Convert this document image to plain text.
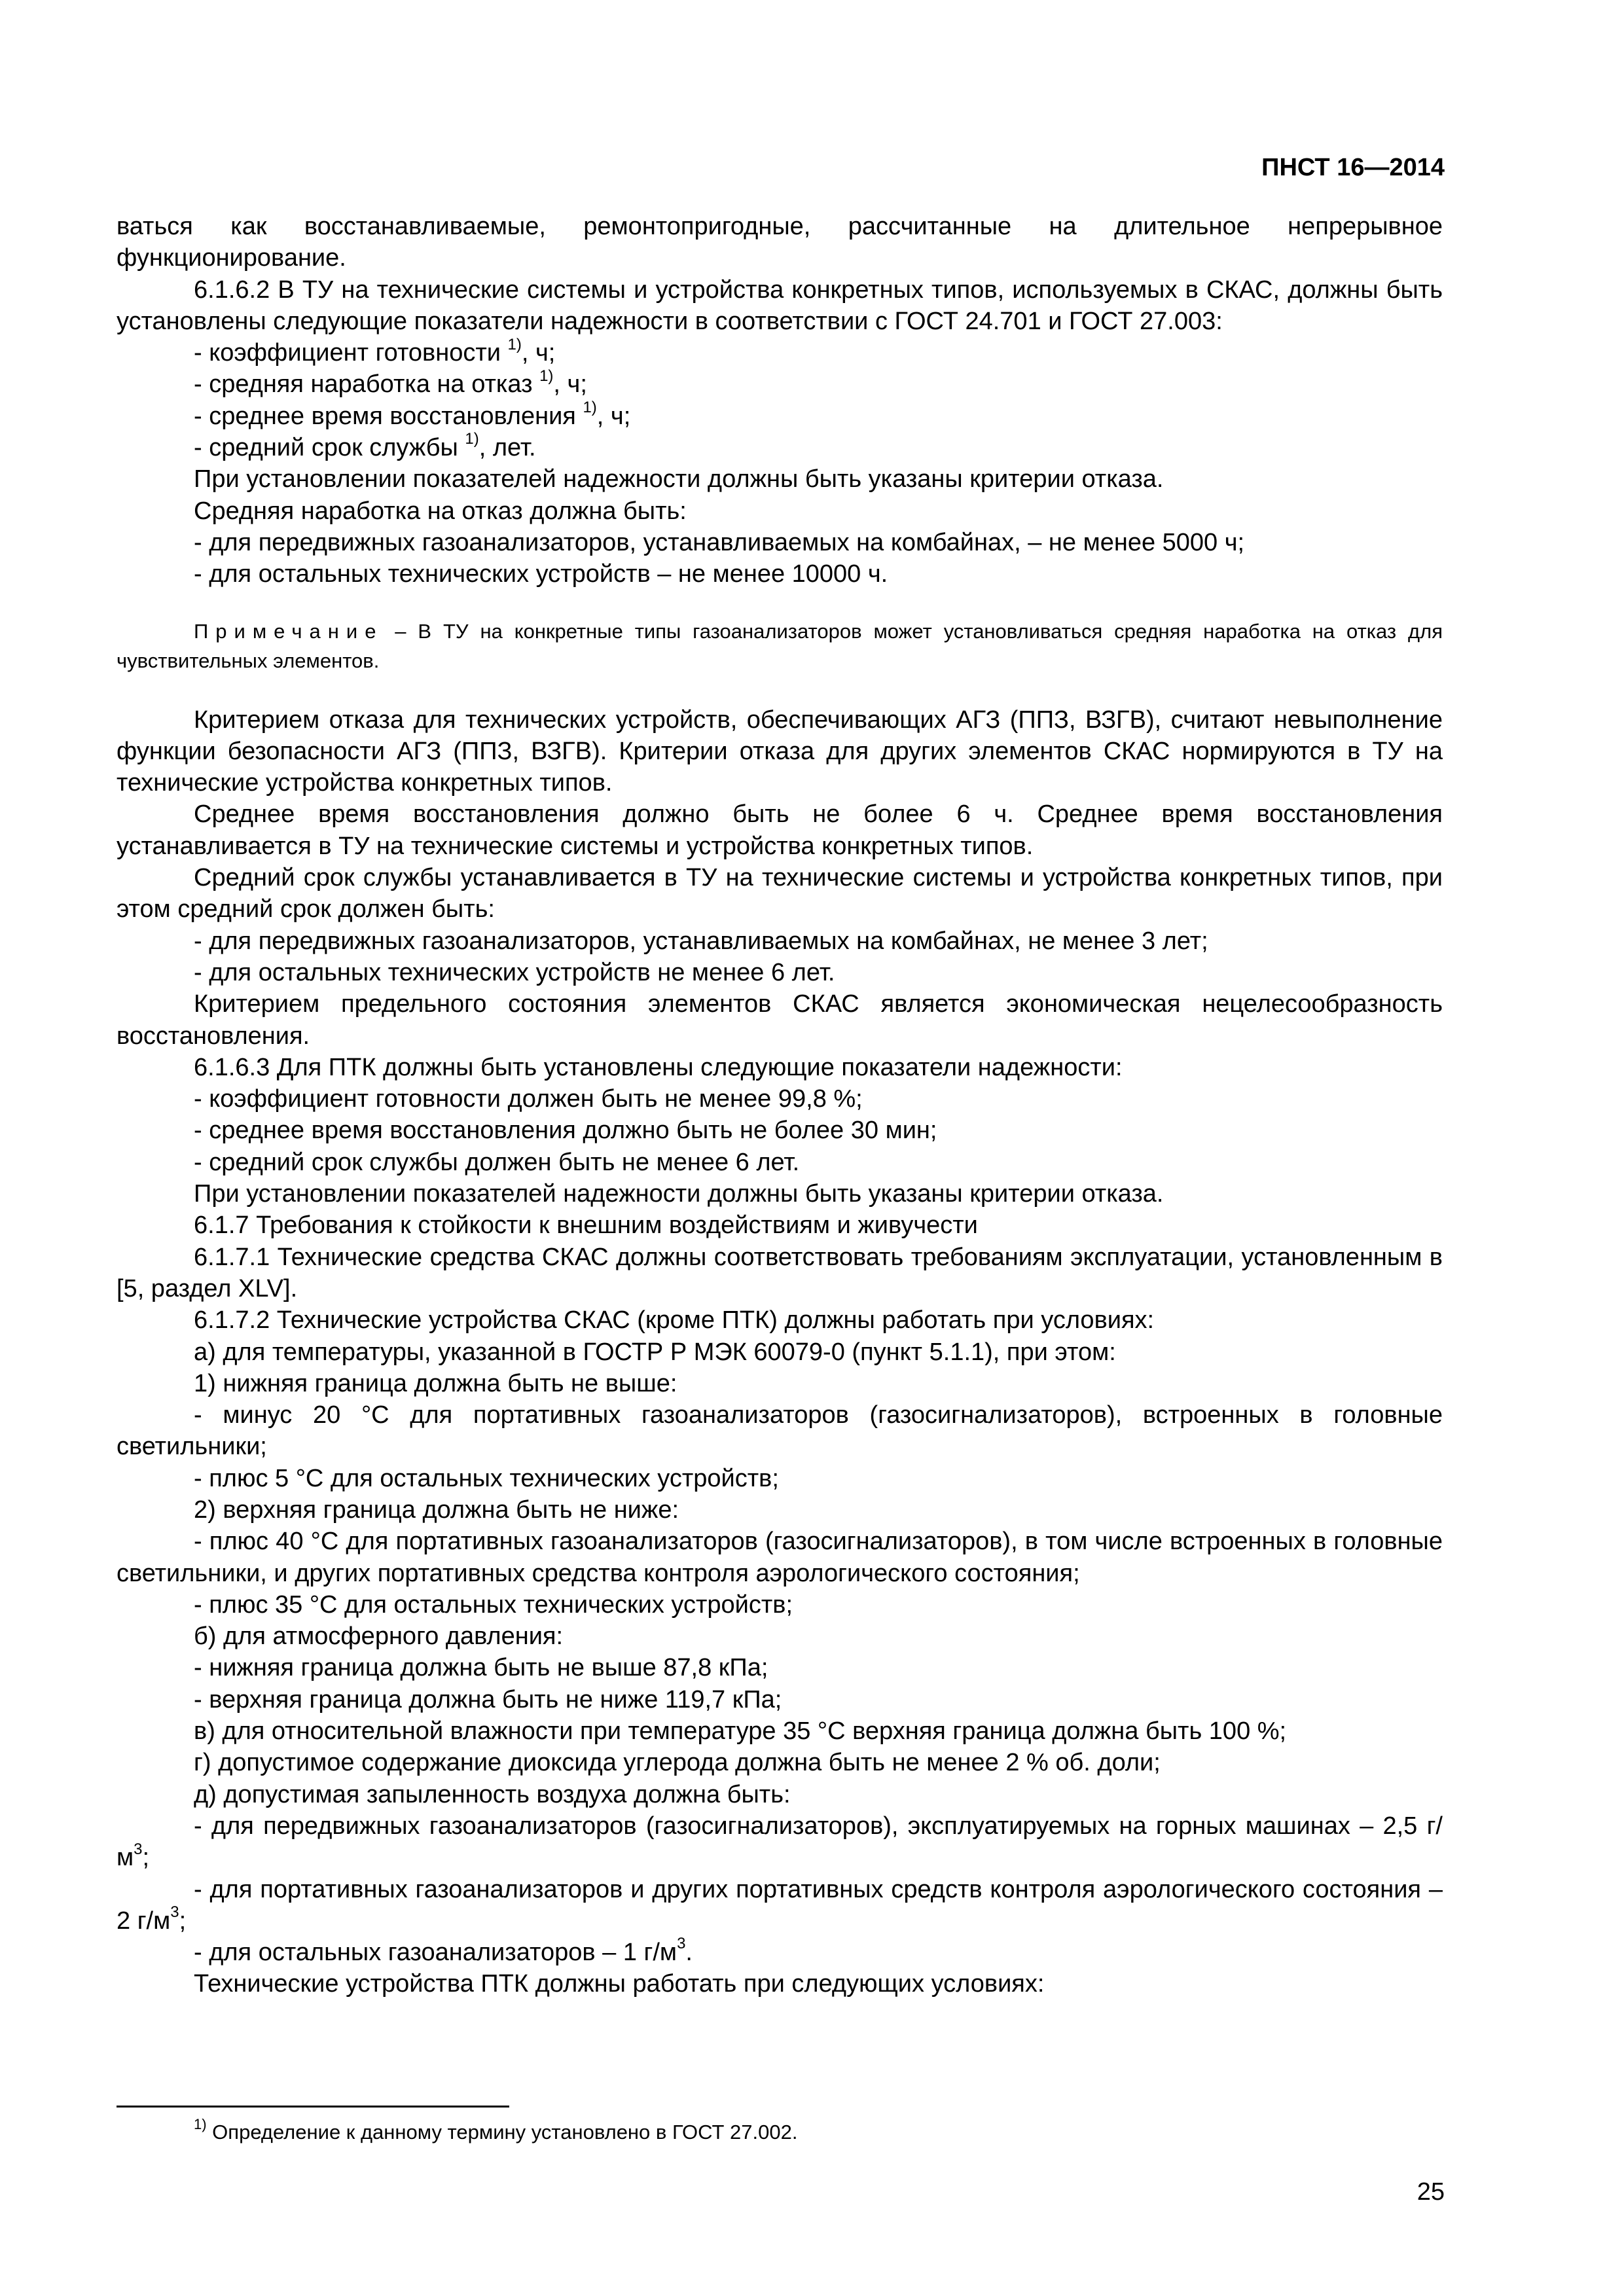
ПНСТ 16—2014

ваться как восстанавливаемые, ремонтопригодные, рассчитанные на длительное непрерывное функционирование.

6.1.6.2 В ТУ на технические системы и устройства конкретных типов, используемых в СКАС, должны быть установлены следующие показатели надежности в соответствии с ГОСТ 24.701 и ГОСТ 27.003:

- коэффициент готовности $^{1)}$, ч;

- средняя наработка на отказ $^{1)}$, ч;

- среднее время восстановления $^{1)}$, ч;

- средний срок службы $^{1)}$, лет.

При установлении показателей надежности должны быть указаны критерии отказа.

Средняя наработка на отказ должна быть:

- для передвижных газоанализаторов, устанавливаемых на комбайнах, – не менее 5000 ч;

- для остальных технических устройств – не менее 10000 ч.

Примечание – В ТУ на конкретные типы газоанализаторов может установливаться средняя наработка на отказ для чувствительных элементов.

Критерием отказа для технических устройств, обеспечивающих АГЗ (ППЗ, ВЗГВ), считают невыполнение функции безопасности АГЗ (ППЗ, ВЗГВ). Критерии отказа для других элементов СКАС нормируются в ТУ на технические устройства конкретных типов.

Среднее время восстановления должно быть не более 6 ч. Среднее время восстановления устанавливается в ТУ на технические системы и устройства конкретных типов.

Средний срок службы устанавливается в ТУ на технические системы и устройства конкретных типов, при этом средний срок должен быть:

- для передвижных газоанализаторов, устанавливаемых на комбайнах, не менее 3 лет;

- для остальных технических устройств не менее 6 лет.

Критерием предельного состояния элементов СКАС является экономическая нецелесообразность восстановления.

6.1.6.3 Для ПТК должны быть установлены следующие показатели надежности:

- коэффициент готовности должен быть не менее 99,8 %;

- среднее время восстановления должно быть не более 30 мин;

- средний срок службы должен быть не менее 6 лет.

При установлении показателей надежности должны быть указаны критерии отказа.

6.1.7 Требования к стойкости к внешним воздействиям и живучести

6.1.7.1 Технические средства СКАС должны соответствовать требованиям эксплуатации, установленным в [5, раздел XLV].

6.1.7.2 Технические устройства СКАС (кроме ПТК) должны работать при условиях:

а) для температуры, указанной в ГОСТР Р МЭК 60079-0 (пункт 5.1.1), при этом:

1) нижняя граница должна быть не выше:

- минус 20 °С для портативных газоанализаторов (газосигнализаторов), встроенных в головные светильники;

- плюс 5 °С для остальных технических устройств;

2) верхняя граница должна быть не ниже:

- плюс 40 °С для портативных газоанализаторов (газосигнализаторов), в том числе встроенных в головные светильники, и других портативных средства контроля аэрологического состояния;

- плюс 35 °С для остальных технических устройств;

б) для атмосферного давления:

- нижняя граница должна быть не выше 87,8 кПа;

- верхняя граница должна быть не ниже 119,7 кПа;

в) для относительной влажности при температуре 35 °С верхняя граница должна быть 100 %;

г) допустимое содержание диоксида углерода должна быть не менее 2 % об. доли;

д) допустимая запыленность воздуха должна быть:

- для передвижных газоанализаторов (газосигнализаторов), эксплуатируемых на горных машинах – 2,5 $г/м^3$;

- для портативных газоанализаторов и других портативных средств контроля аэрологического состояния – 2 $г/м^3$;

- для остальных газоанализаторов – 1 $г/м^3$.

Технические устройства ПТК должны работать при следующих условиях:

$^{1)}$ Определение к данному термину установлено в ГОСТ 27.002.
25
